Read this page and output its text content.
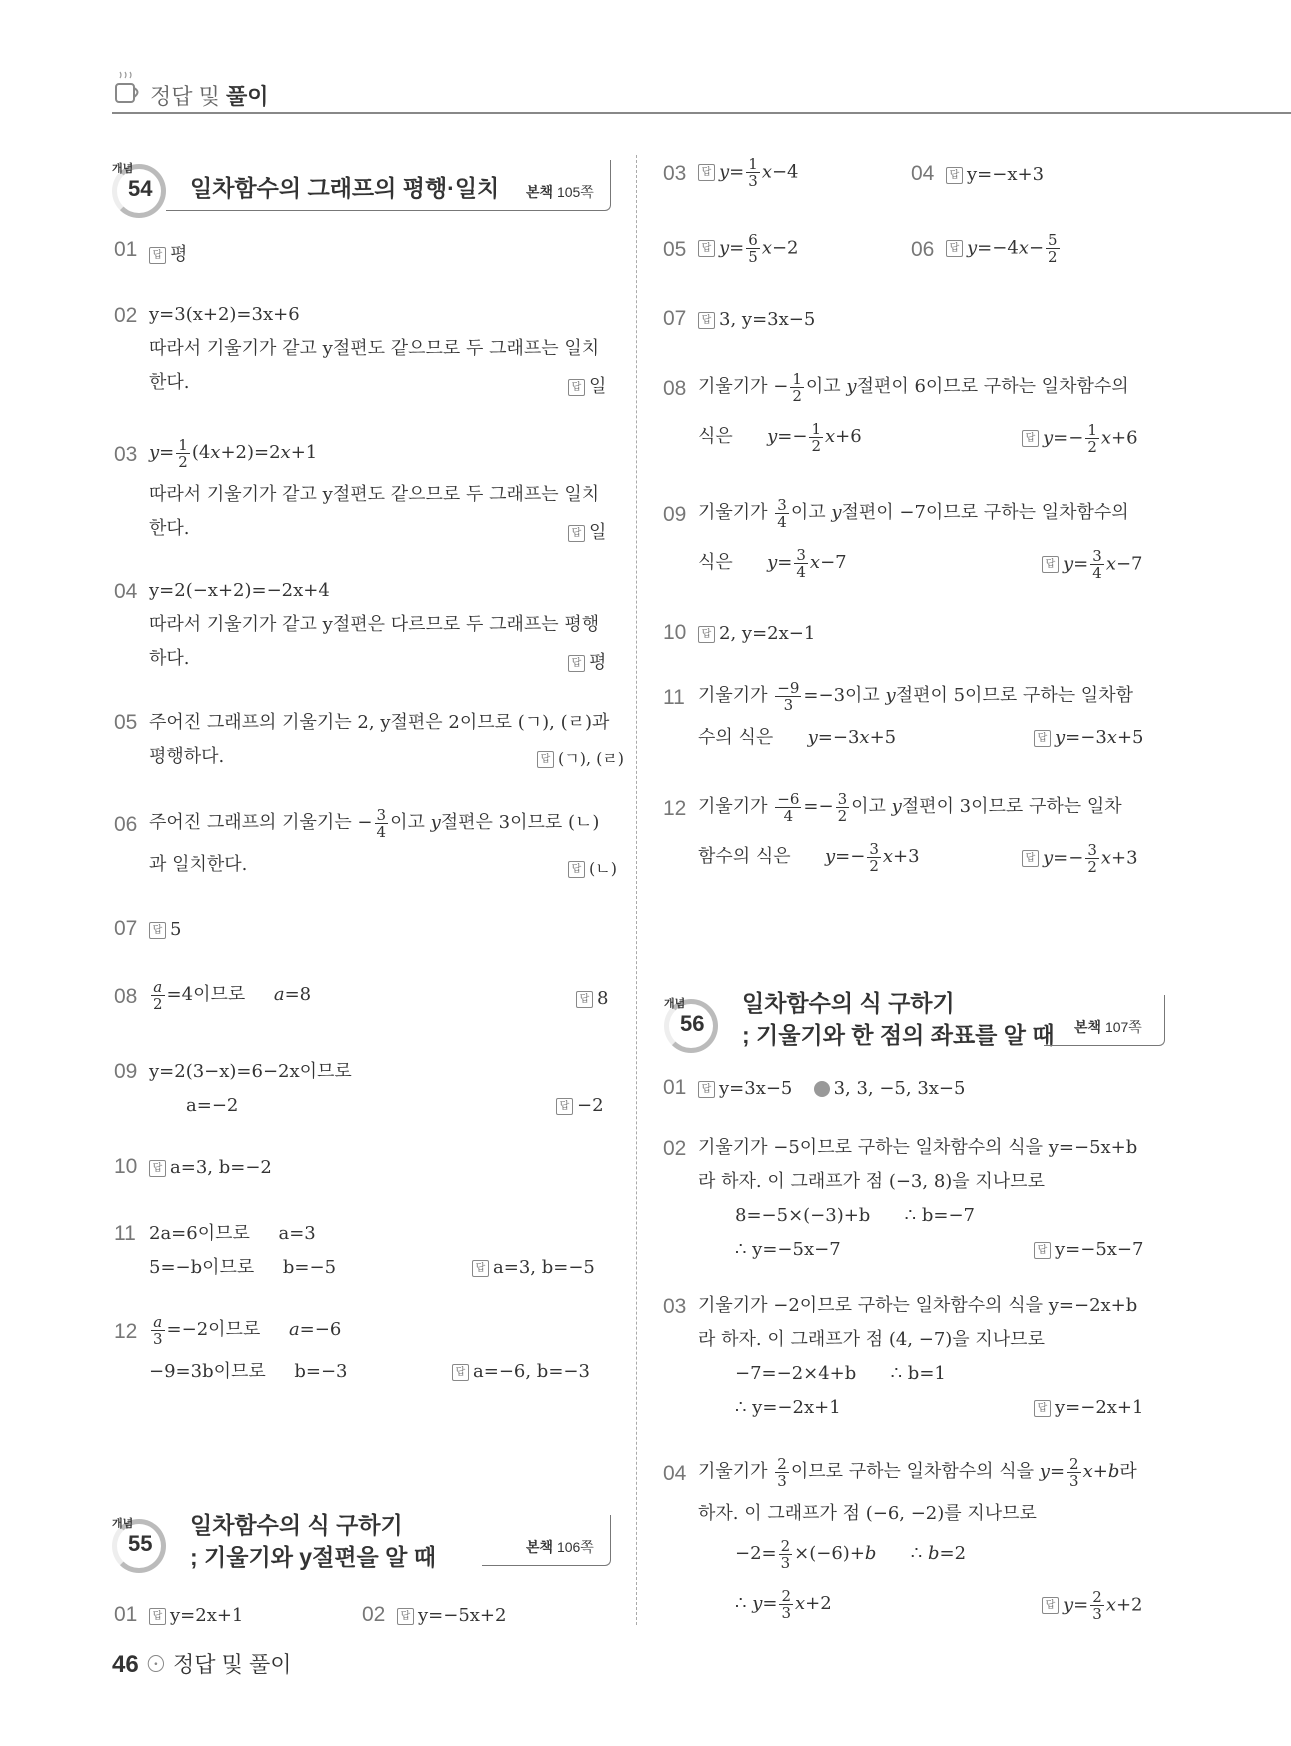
정답 및 풀이
개념
54 일차함수의 그래프의 평행·일치 본책 105쪽
01	답 평
02 y=3(x+2)=3x+6
따라서 기울기가 같고 y절편도 같으므로 두 그래프는 일치
한다.	답 일
03 $y= \frac{1}{2} (4x+2)=2x+1$
따라서 기울기가 같고 y절편도 같으므로 두 그래프는 일치
한다.	답 일
04 y=2(−x+2)=−2x+4
따라서 기울기가 같고 y절편은 다르므로 두 그래프는 평행
하다.	답 평
05 주어진 그래프의 기울기는 2, y절편은 2이므로 (ㄱ), (ㄹ)과
평행하다.	답 (ㄱ), (ㄹ)
06 주어진 그래프의 기울기는 − $\frac{3}{4}$ 이고 y절편은 3이므로 (ㄴ)
과 일치한다.	답 (ㄴ)
07	답 5
$08 \frac{a}{2} =4$이므로     a=8	답 8
09 y=2(3−x)=6−2x이므로
a=−2	답 −2
10	답 a=3, b=−2
11 2a=6이므로     a=3
5=−b이므로     b=−5	답 a=3, b=−5
$12 \frac{a}{3} =-2$이므로     a=−6
−9=3b이므로     b=−3	답 a=−6, b=−3
개념
55
일차함수의 식 구하기
; 기울기와 y절편을 알 때	본책 106쪽
01	답 y=2x+1	02	답 y=−5x+2
03	답 $y= \frac{1}{3} x-4$	04	답 y=−x+3
05	답 $y= \frac{6}{5} x-2$	06	답 $y=-4x- \frac{5}{2}$
07	답 3, y=3x−5
08 기울기가 − $\frac{1}{2}$ 이고 y절편이 6이므로 구하는 일차함수의
식은      $y=- \frac{1}{2} x+6$	답 $y=- \frac{1}{2} x+6$
09 기울기가 $\frac{3}{4}$ 이고 y절편이 −7이므로 구하는 일차함수의
식은      $y= \frac{3}{4} x-7$	답 $y= \frac{3}{4} x-7$
10	답 2, y=2x−1
11 기울기가 $\frac{-9}{3} =-3$이고 y절편이 5이므로 구하는 일차함
수의 식은      y=−3x+5	답 y=−3x+5
12 기울기가 $\frac{-6}{4} =- \frac{3}{2}$ 이고 y절편이 3이므로 구하는 일차
함수의 식은      $y=- \frac{3}{2} x+3$	답 $y=- \frac{3}{2} x+3$
개념
56
일차함수의 식 구하기
; 기울기와 한 점의 좌표를 알 때 본책 107쪽
01	답 y=3x−5 3, 3, −5, 3x−5
02 기울기가 −5이므로 구하는 일차함수의 식을 y=−5x+b
라 하자. 이 그래프가 점 (−3, 8)을 지나므로
8=−5×(−3)+b      ∴ b=−7
∴ y=−5x−7	답 y=−5x−7
03 기울기가 −2이므로 구하는 일차함수의 식을 y=−2x+b
라 하자. 이 그래프가 점 (4, −7)을 지나므로
−7=−2×4+b      ∴ b=1
∴ y=−2x+1	답 y=−2x+1
04 기울기가 $\frac{2}{3}$ 이므로 구하는 일차함수의 식을 $y= \frac{2}{3} x+b$라
하자. 이 그래프가 점 (−6, −2)를 지나므로
$-2= \frac{2}{3} \times(-6)+b$      ∴ b=2
∴ $y= \frac{2}{3} x+2$	답 $y= \frac{2}{3} x+2$
46 ⊙ 정답 및 풀이
